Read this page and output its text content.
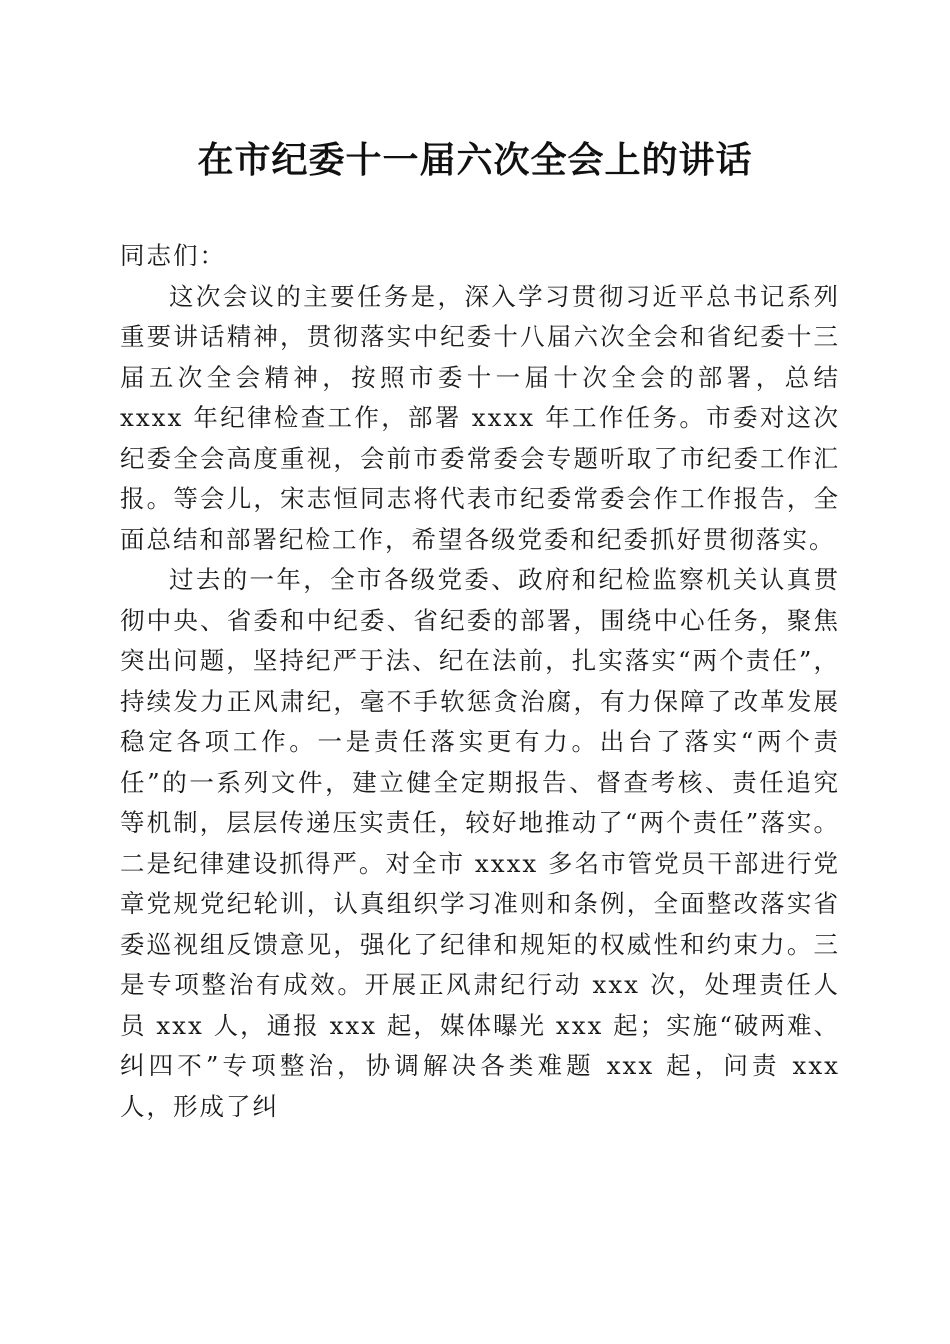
在市纪委十一届六次全会上的讲话

同志们：

这次会议的主要任务是，深入学习贯彻习近平总书记系列重要讲话精神，贯彻落实中纪委十八届六次全会和省纪委十三届五次全会精神，按照市委十一届十次全会的部署，总结 xxxx 年纪律检查工作，部署 xxxx 年工作任务。市委对这次纪委全会高度重视，会前市委常委会专题听取了市纪委工作汇报。等会儿，宋志恒同志将代表市纪委常委会作工作报告，全面总结和部署纪检工作，希望各级党委和纪委抓好贯彻落实。

过去的一年，全市各级党委、政府和纪检监察机关认真贯彻中央、省委和中纪委、省纪委的部署，围绕中心任务，聚焦突出问题，坚持纪严于法、纪在法前，扎实落实“两个责任”，持续发力正风肃纪，毫不手软惩贪治腐，有力保障了改革发展稳定各项工作。一是责任落实更有力。出台了落实“两个责任”的一系列文件，建立健全定期报告、督查考核、责任追究等机制，层层传递压实责任，较好地推动了“两个责任”落实。二是纪律建设抓得严。对全市 xxxx 多名市管党员干部进行党章党规党纪轮训，认真组织学习准则和条例，全面整改落实省委巡视组反馈意见，强化了纪律和规矩的权威性和约束力。三是专项整治有成效。开展正风肃纪行动 xxx 次，处理责任人员 xxx 人，通报 xxx 起，媒体曝光 xxx 起；实施“破两难、纠四不”专项整治，协调解决各类难题 xxx 起，问责 xxx 人，形成了纠
